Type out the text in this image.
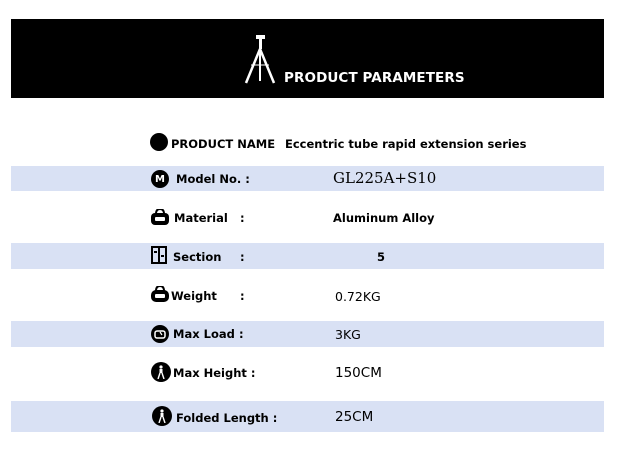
PRODUCT PARAMETERS
PRODUCT NAME Eccentric tube rapid extension series
M Model No. :	GL225A+S10
Material :	Aluminum Alloy
Section :	5
Weight :	0.72KG
Max Load :	3KG
Max Height :	150CM
Folded Length :	25CM
